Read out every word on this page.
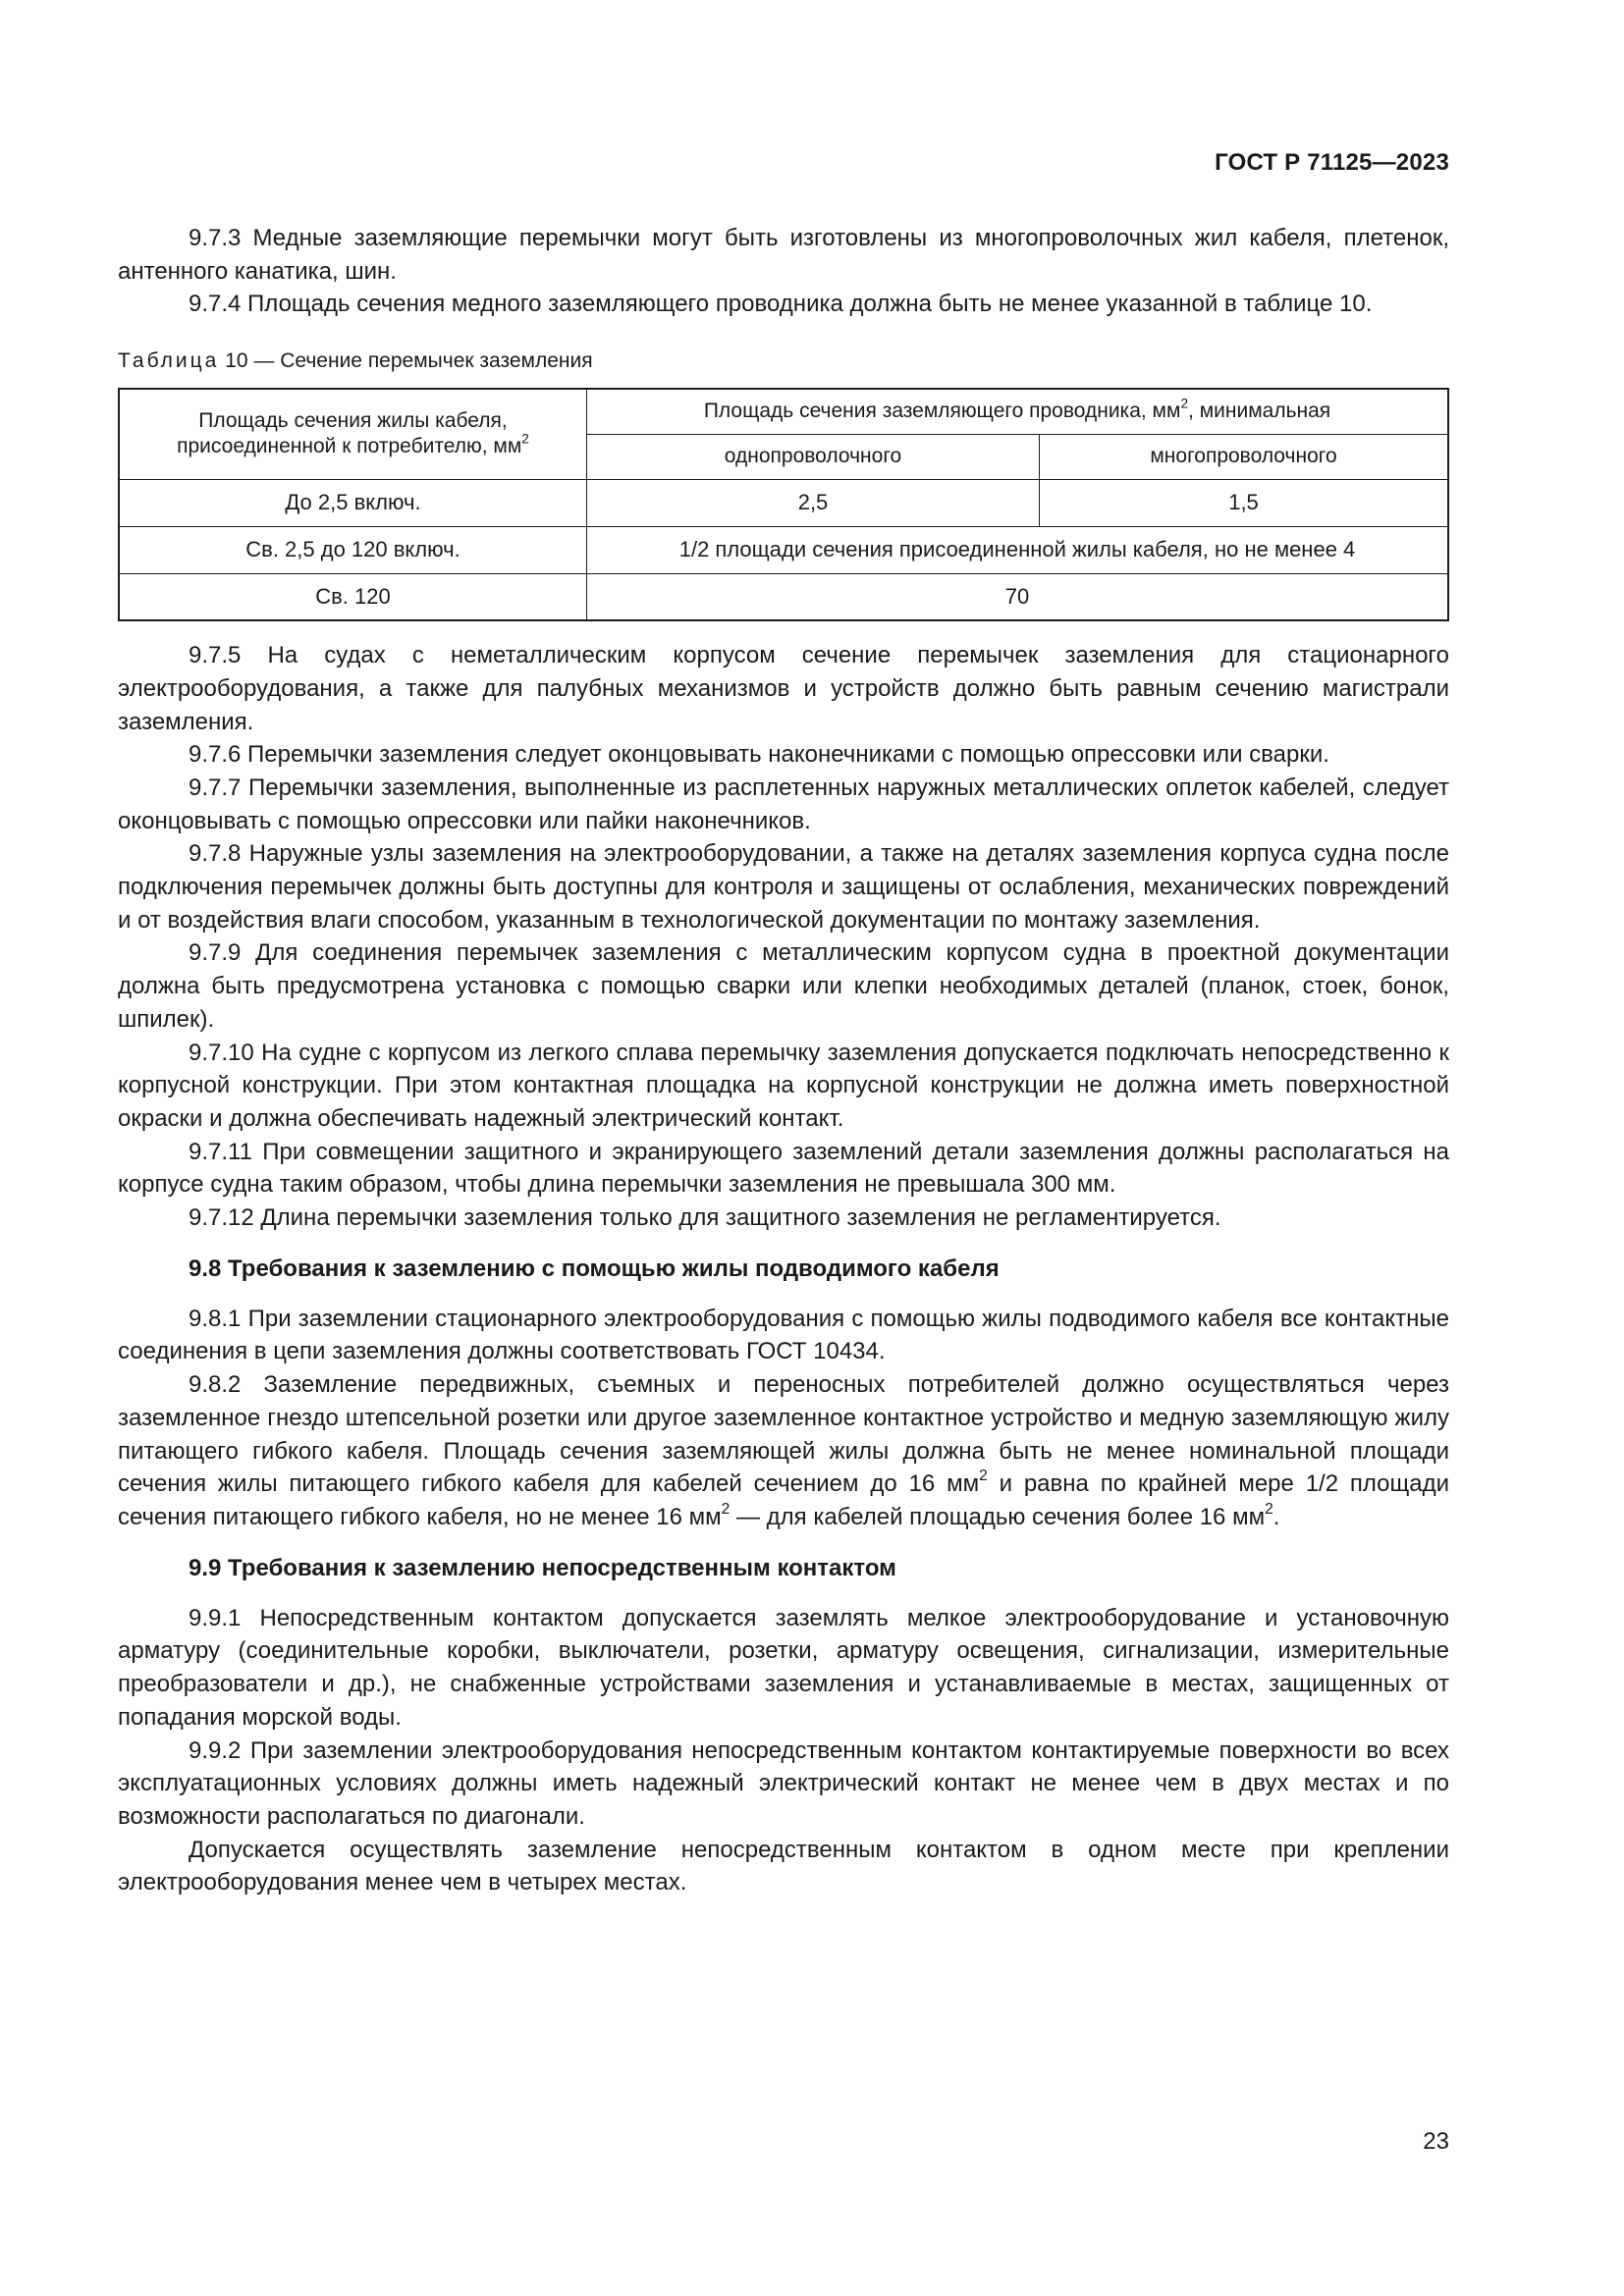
ГОСТ Р 71125—2023

9.7.3 Медные заземляющие перемычки могут быть изготовлены из многопроволочных жил кабеля, плетенок, антенного канатика, шин.

9.7.4 Площадь сечения медного заземляющего проводника должна быть не менее указанной в таблице 10.

Таблица 10 — Сечение перемычек заземления
Площадь сечения жилы кабеля, присоединенной к потребителю, $мм^2$	Площадь сечения заземляющего проводника, $мм^2$, минимальная	
	однопроволочного	многопроволочного
До 2,5 включ.	2,5	1,5
Св. 2,5 до 120 включ.	1/2 площади сечения присоединенной жилы кабеля, но не менее 4	
Св. 120	70	

9.7.5 На судах с неметаллическим корпусом сечение перемычек заземления для стационарного электрооборудования, а также для палубных механизмов и устройств должно быть равным сечению магистрали заземления.

9.7.6 Перемычки заземления следует оконцовывать наконечниками с помощью опрессовки или сварки.

9.7.7 Перемычки заземления, выполненные из расплетенных наружных металлических оплеток кабелей, следует оконцовывать с помощью опрессовки или пайки наконечников.

9.7.8 Наружные узлы заземления на электрооборудовании, а также на деталях заземления корпуса судна после подключения перемычек должны быть доступны для контроля и защищены от ослабления, механических повреждений и от воздействия влаги способом, указанным в технологической документации по монтажу заземления.

9.7.9 Для соединения перемычек заземления с металлическим корпусом судна в проектной документации должна быть предусмотрена установка с помощью сварки или клепки необходимых деталей (планок, стоек, бонок, шпилек).

9.7.10 На судне с корпусом из легкого сплава перемычку заземления допускается подключать непосредственно к корпусной конструкции. При этом контактная площадка на корпусной конструкции не должна иметь поверхностной окраски и должна обеспечивать надежный электрический контакт.

9.7.11 При совмещении защитного и экранирующего заземлений детали заземления должны располагаться на корпусе судна таким образом, чтобы длина перемычки заземления не превышала 300 мм.

9.7.12 Длина перемычки заземления только для защитного заземления не регламентируется.

9.8 Требования к заземлению с помощью жилы подводимого кабеля

9.8.1 При заземлении стационарного электрооборудования с помощью жилы подводимого кабеля все контактные соединения в цепи заземления должны соответствовать ГОСТ 10434.

9.8.2 Заземление передвижных, съемных и переносных потребителей должно осуществляться через заземленное гнездо штепсельной розетки или другое заземленное контактное устройство и медную заземляющую жилу питающего гибкого кабеля. Площадь сечения заземляющей жилы должна быть не менее номинальной площади сечения жилы питающего гибкого кабеля для кабелей сечением до 16 $мм^2$ и равна по крайней мере 1/2 площади сечения питающего гибкого кабеля, но не менее 16 $мм^2$ — для кабелей площадью сечения более 16 $мм^2$.

9.9 Требования к заземлению непосредственным контактом

9.9.1 Непосредственным контактом допускается заземлять мелкое электрооборудование и установочную арматуру (соединительные коробки, выключатели, розетки, арматуру освещения, сигнализации, измерительные преобразователи и др.), не снабженные устройствами заземления и устанавливаемые в местах, защищенных от попадания морской воды.

9.9.2 При заземлении электрооборудования непосредственным контактом контактируемые поверхности во всех эксплуатационных условиях должны иметь надежный электрический контакт не менее чем в двух местах и по возможности располагаться по диагонали.

Допускается осуществлять заземление непосредственным контактом в одном месте при креплении электрооборудования менее чем в четырех местах.

23
